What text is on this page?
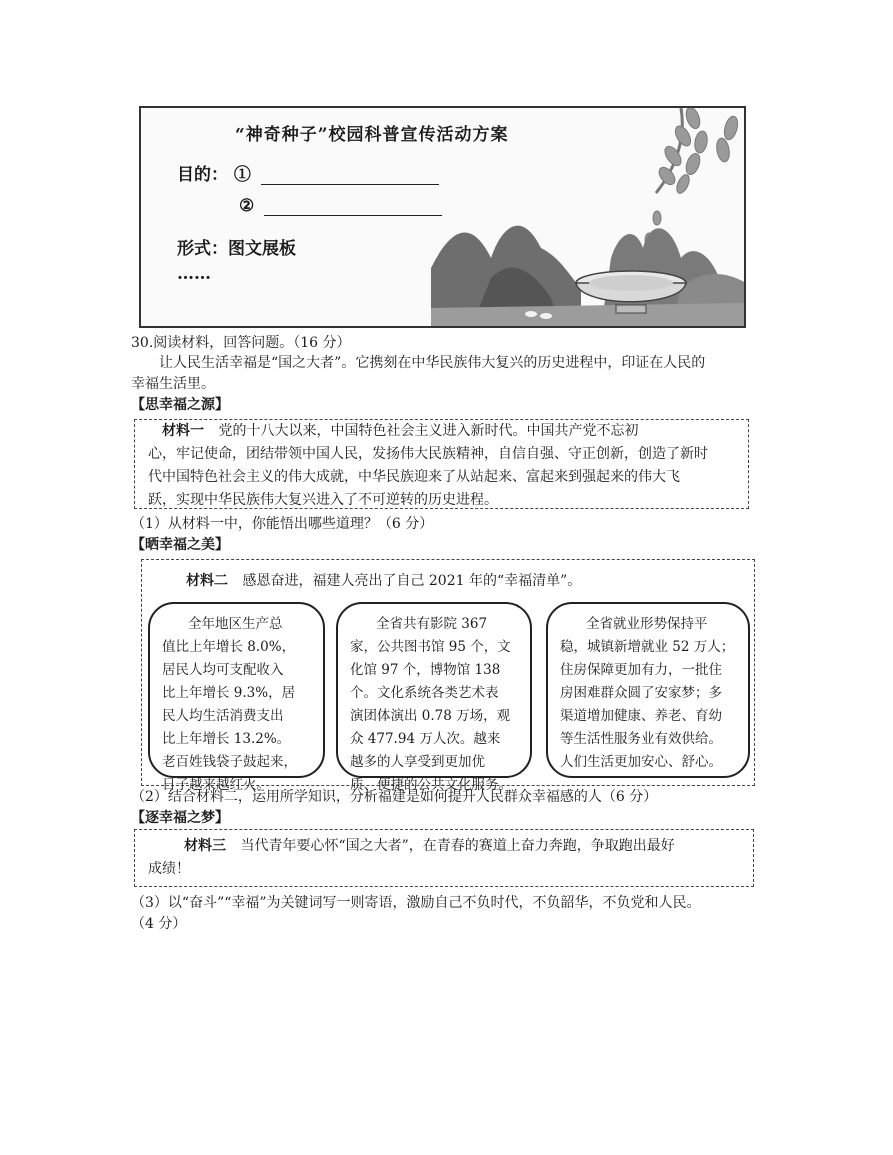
“神奇种子”校园科普宣传活动方案
目的： ①
②
形式：图文展板
……
30.阅读材料，回答问题。（16 分）
让人民生活幸福是“国之大者”。它携刻在中华民族伟大复兴的历史进程中，印证在人民的
幸福生活里。
【思幸福之源】
材料一 党的十八大以来，中国特色社会主义进入新时代。中国共产党不忘初
心，牢记使命，团结带领中国人民，发扬伟大民族精神，自信自强、守正创新，创造了新时
代中国特色社会主义的伟大成就，中华民族迎来了从站起来、富起来到强起来的伟大飞
跃，实现中华民族伟大复兴进入了不可逆转的历史进程。
（1）从材料一中，你能悟出哪些道理？（6 分）
【晒幸福之美】
材料二 感恩奋进，福建人亮出了自己 2021 年的“幸福清单”。
全年地区生产总
值比上年增长 8.0%，
居民人均可支配收入
比上年增长 9.3%，居
民人均生活消费支出
比上年增长 13.2%。
老百姓钱袋子鼓起来，
日子越来越红火。
全省共有影院 367
家，公共图书馆 95 个，文
化馆 97 个，博物馆 138
个。文化系统各类艺术表
演团体演出 0.78 万场，观
众 477.94 万人次。越来
越多的人享受到更加优
质、便捷的公共文化服务。
全省就业形势保持平
稳，城镇新增就业 52 万人；
住房保障更加有力，一批住
房困难群众圆了安家梦；多
渠道增加健康、养老、育幼
等生活性服务业有效供给。
人们生活更加安心、舒心。
（2）结合材料二，运用所学知识，分析福建是如何提升人民群众幸福感的人（6 分）
【逐幸福之梦】
材料三 当代青年要心怀“国之大者”，在青春的赛道上奋力奔跑，争取跑出最好
成绩！
（3）以“奋斗”“幸福”为关键词写一则寄语，激励自己不负时代，不负韶华，不负党和人民。
（4 分）
